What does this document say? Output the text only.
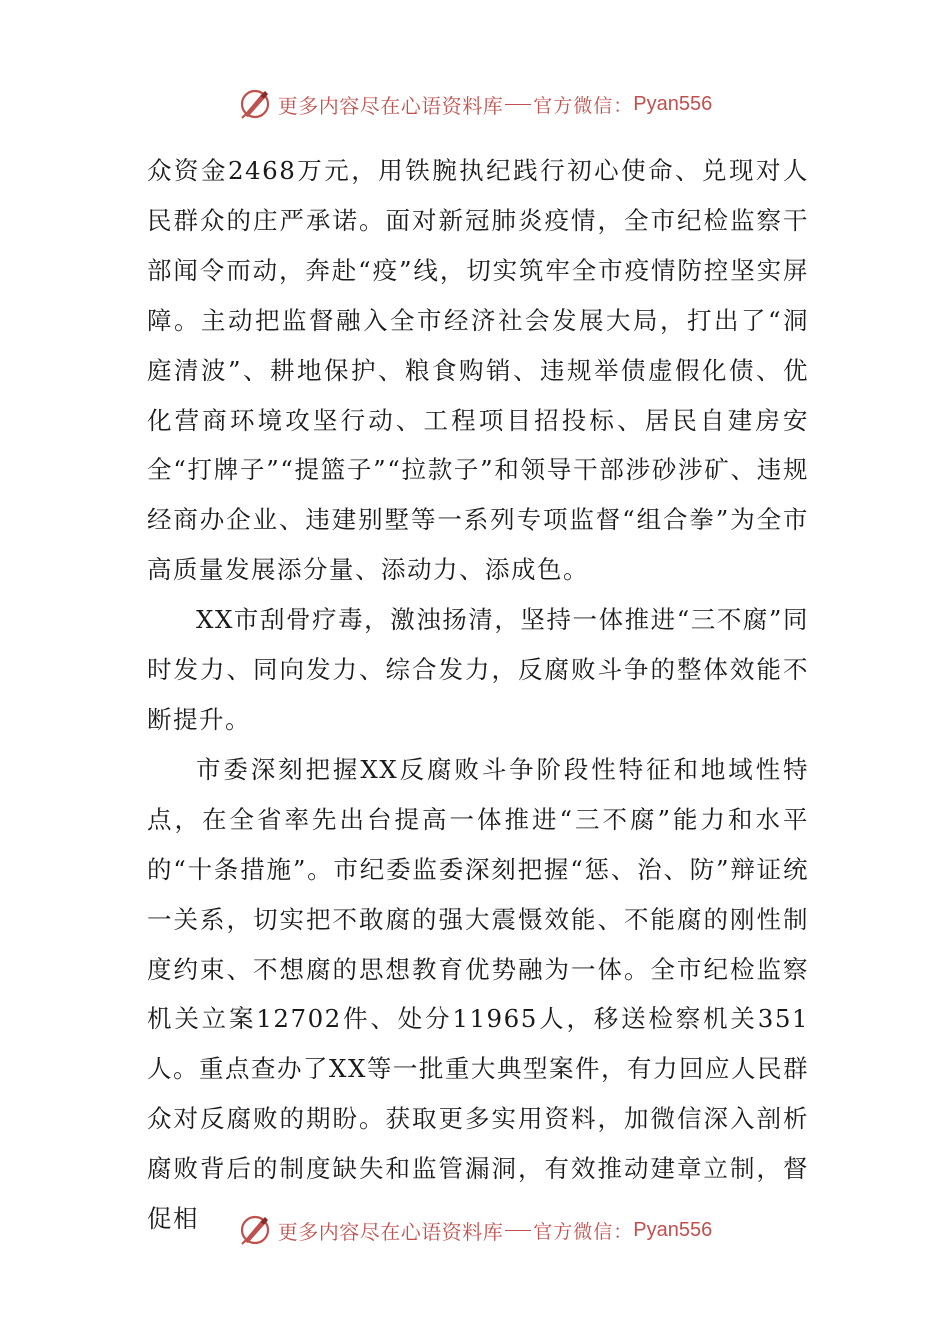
更多内容尽在心语资料库 官方微信： Pyan556

众资金2468万元，用铁腕执纪践行初心使命、兑现对人民群众的庄严承诺。面对新冠肺炎疫情，全市纪检监察干部闻令而动，奔赴“疫”线，切实筑牢全市疫情防控坚实屏障。主动把监督融入全市经济社会发展大局，打出了“洞庭清波”、耕地保护、粮食购销、违规举债虚假化债、优化营商环境攻坚行动、工程项目招投标、居民自建房安全“打牌子”“提篮子”“拉款子”和领导干部涉砂涉矿、违规经商办企业、违建别墅等一系列专项监督“组合拳”为全市高质量发展添分量、添动力、添成色。

XX市刮骨疗毒，激浊扬清，坚持一体推进“三不腐”同时发力、同向发力、综合发力，反腐败斗争的整体效能不断提升。

市委深刻把握XX反腐败斗争阶段性特征和地域性特点，在全省率先出台提高一体推进“三不腐”能力和水平的“十条措施”。市纪委监委深刻把握“惩、治、防”辩证统一关系，切实把不敢腐的强大震慑效能、不能腐的刚性制度约束、不想腐的思想教育优势融为一体。全市纪检监察机关立案12702件、处分11965人，移送检察机关351人。重点查办了XX等一批重大典型案件，有力回应人民群众对反腐败的期盼。获取更多实用资料，加微信深入剖析腐败背后的制度缺失和监管漏洞，有效推动建章立制，督促相	更多内容尽在心语资料库 官方微信： Pyan556
